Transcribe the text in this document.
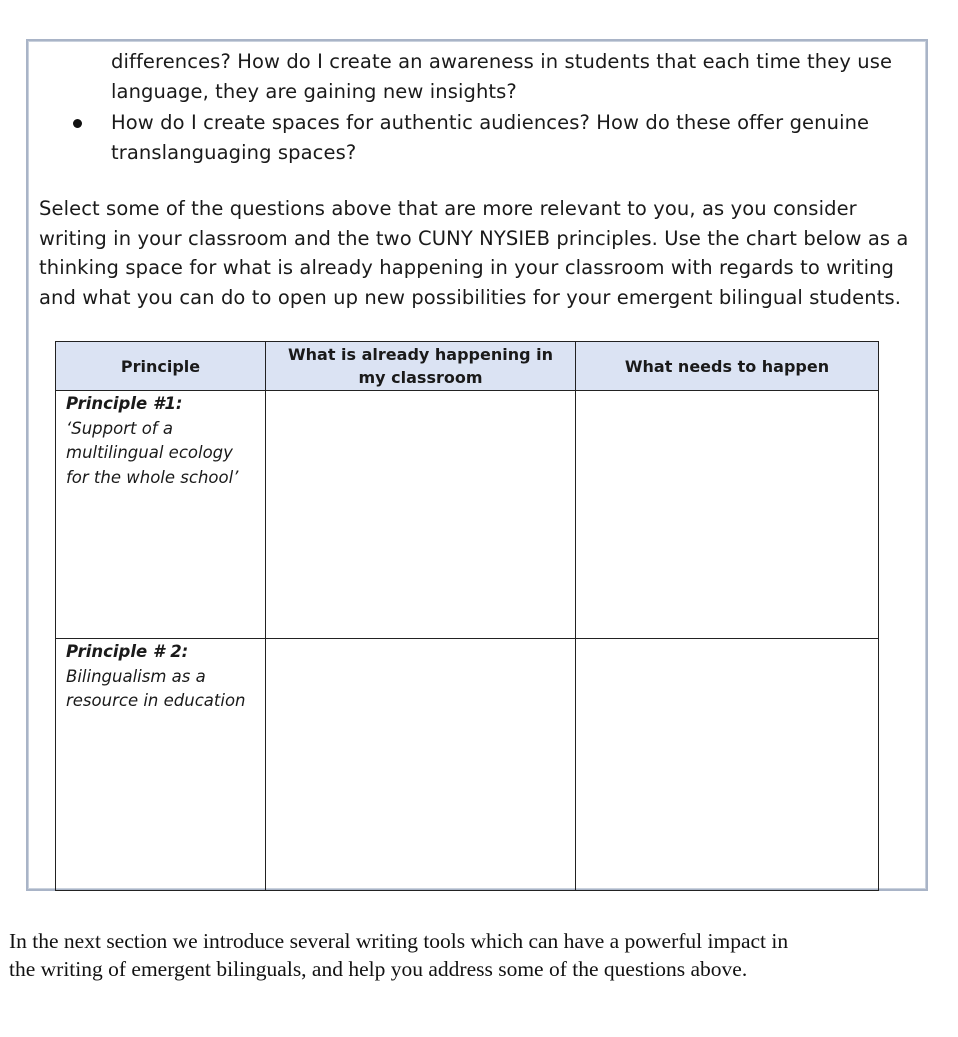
differences? How do I create an awareness in students that each time they use
language, they are gaining new insights?
How do I create spaces for authentic audiences? How do these offer genuine
translanguaging spaces?
Select some of the questions above that are more relevant to you, as you consider
writing in your classroom and the two CUNY NYSIEB principles. Use the chart below as a
thinking space for what is already happening in your classroom with regards to writing
and what you can do to open up new possibilities for your emergent bilingual students.
Principle	What is already happening in my classroom	What needs to happen

Principle #1: ‘Support of a multilingual ecology for the whole school’		

Principle # 2:
Bilingualism as a resource in education		

In the next section we introduce several writing tools which can have a powerful impact in
the writing of emergent bilinguals, and help you address some of the questions above.
